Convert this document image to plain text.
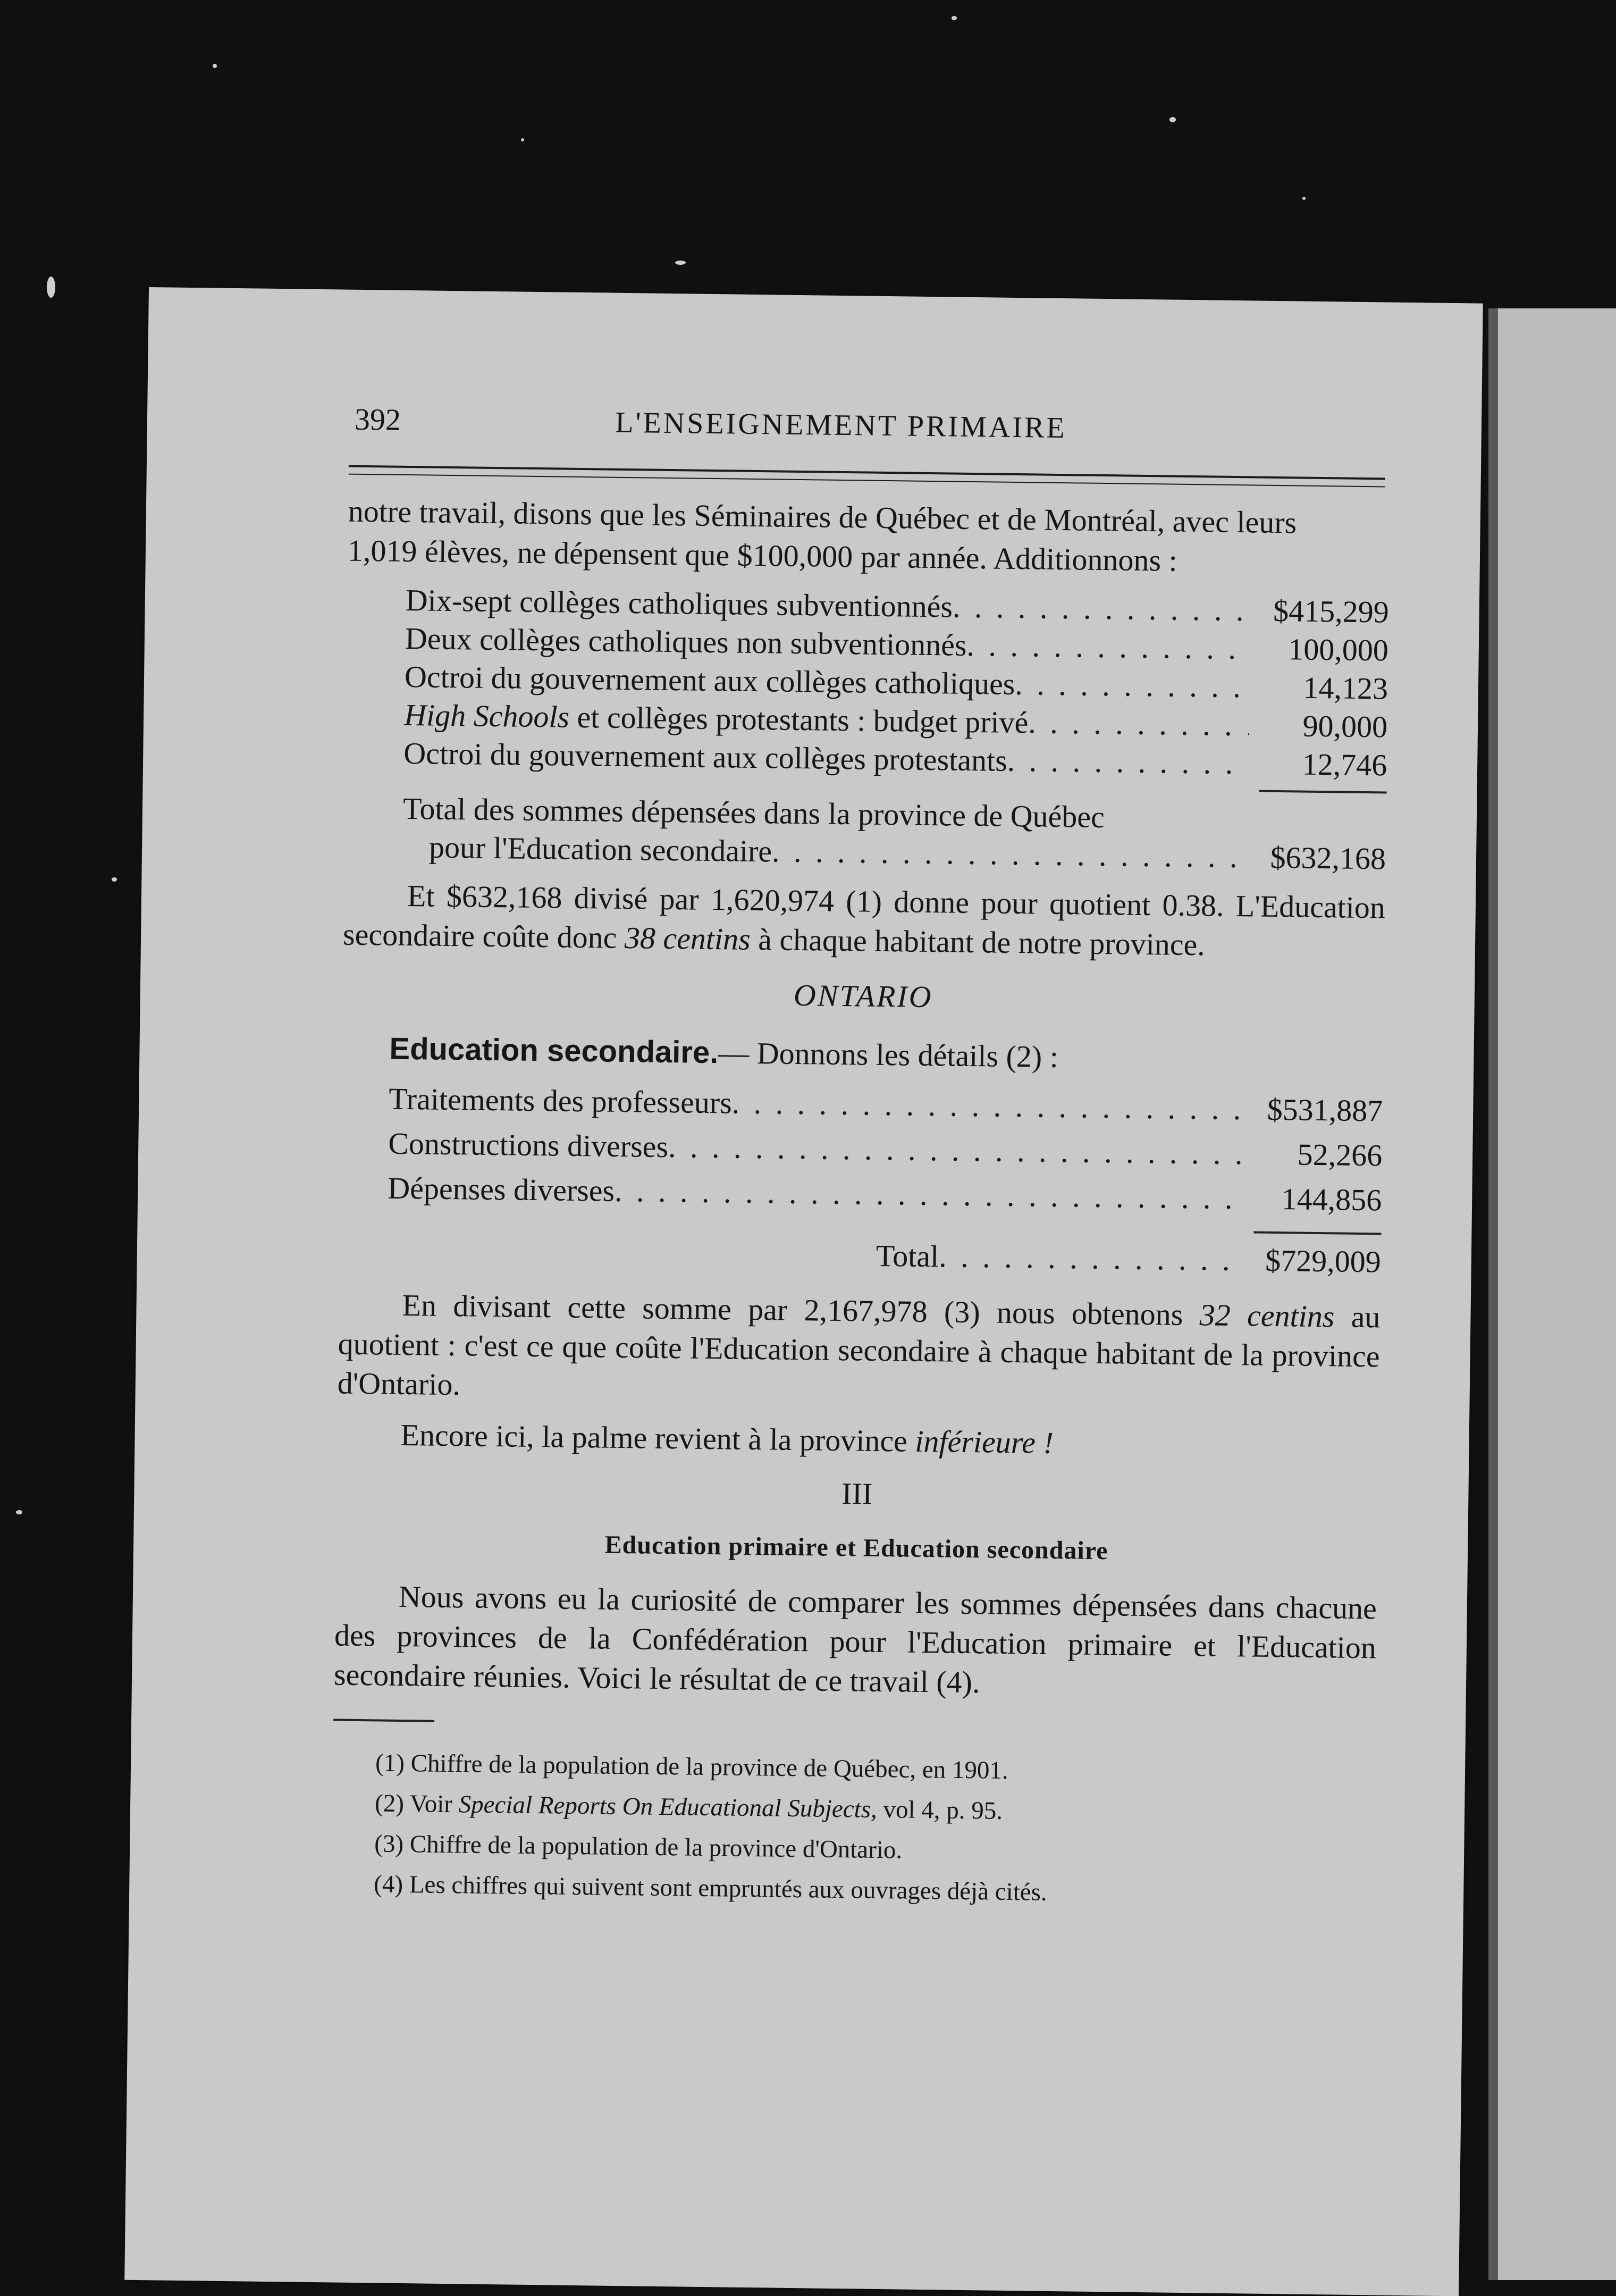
392	L'ENSEIGNEMENT PRIMAIRE

notre travail, disons que les Séminaires de Québec et de Montréal, avec leurs

1,019 élèves, ne dépensent que $100,000 par année. Additionnons :

Dix-sept collèges catholiques subventionnés . . .	$415,299
Deux collèges catholiques non subventionnés . . .	100,000
Octroi du gouvernement aux collèges catholiques . . .	14,123
High Schools et collèges protestants : budget privé . . .	90,000
Octroi du gouvernement aux collèges protestants . . .	12,746
Total des sommes dépensées dans la province de Québec
pour l'Education secondaire . . .	$632,168

Et $632,168 divisé par 1,620,974 (1) donne pour quotient 0.38. L'Education secondaire coûte donc 38 centins à chaque habitant de notre province.

ONTARIO

Education secondaire.— Donnons les détails (2) :

Traitements des professeurs . . .	$531,887
Constructions diverses . . .	52,266
Dépenses diverses . . .	144,856
Total . . .	$729,009

En divisant cette somme par 2,167,978 (3) nous obtenons 32 centins au quotient : c'est ce que coûte l'Education secondaire à chaque habitant de la province d'Ontario.

Encore ici, la palme revient à la province inférieure !

III

Education primaire et Education secondaire

Nous avons eu la curiosité de comparer les sommes dépensées dans chacune des provinces de la Confédération pour l'Education primaire et l'Education secondaire réunies. Voici le résultat de ce travail (4).

(1) Chiffre de la population de la province de Québec, en 1901.

(2) Voir Special Reports On Educational Subjects, vol 4, p. 95.

(3) Chiffre de la population de la province d'Ontario.

(4) Les chiffres qui suivent sont empruntés aux ouvrages déjà cités.
